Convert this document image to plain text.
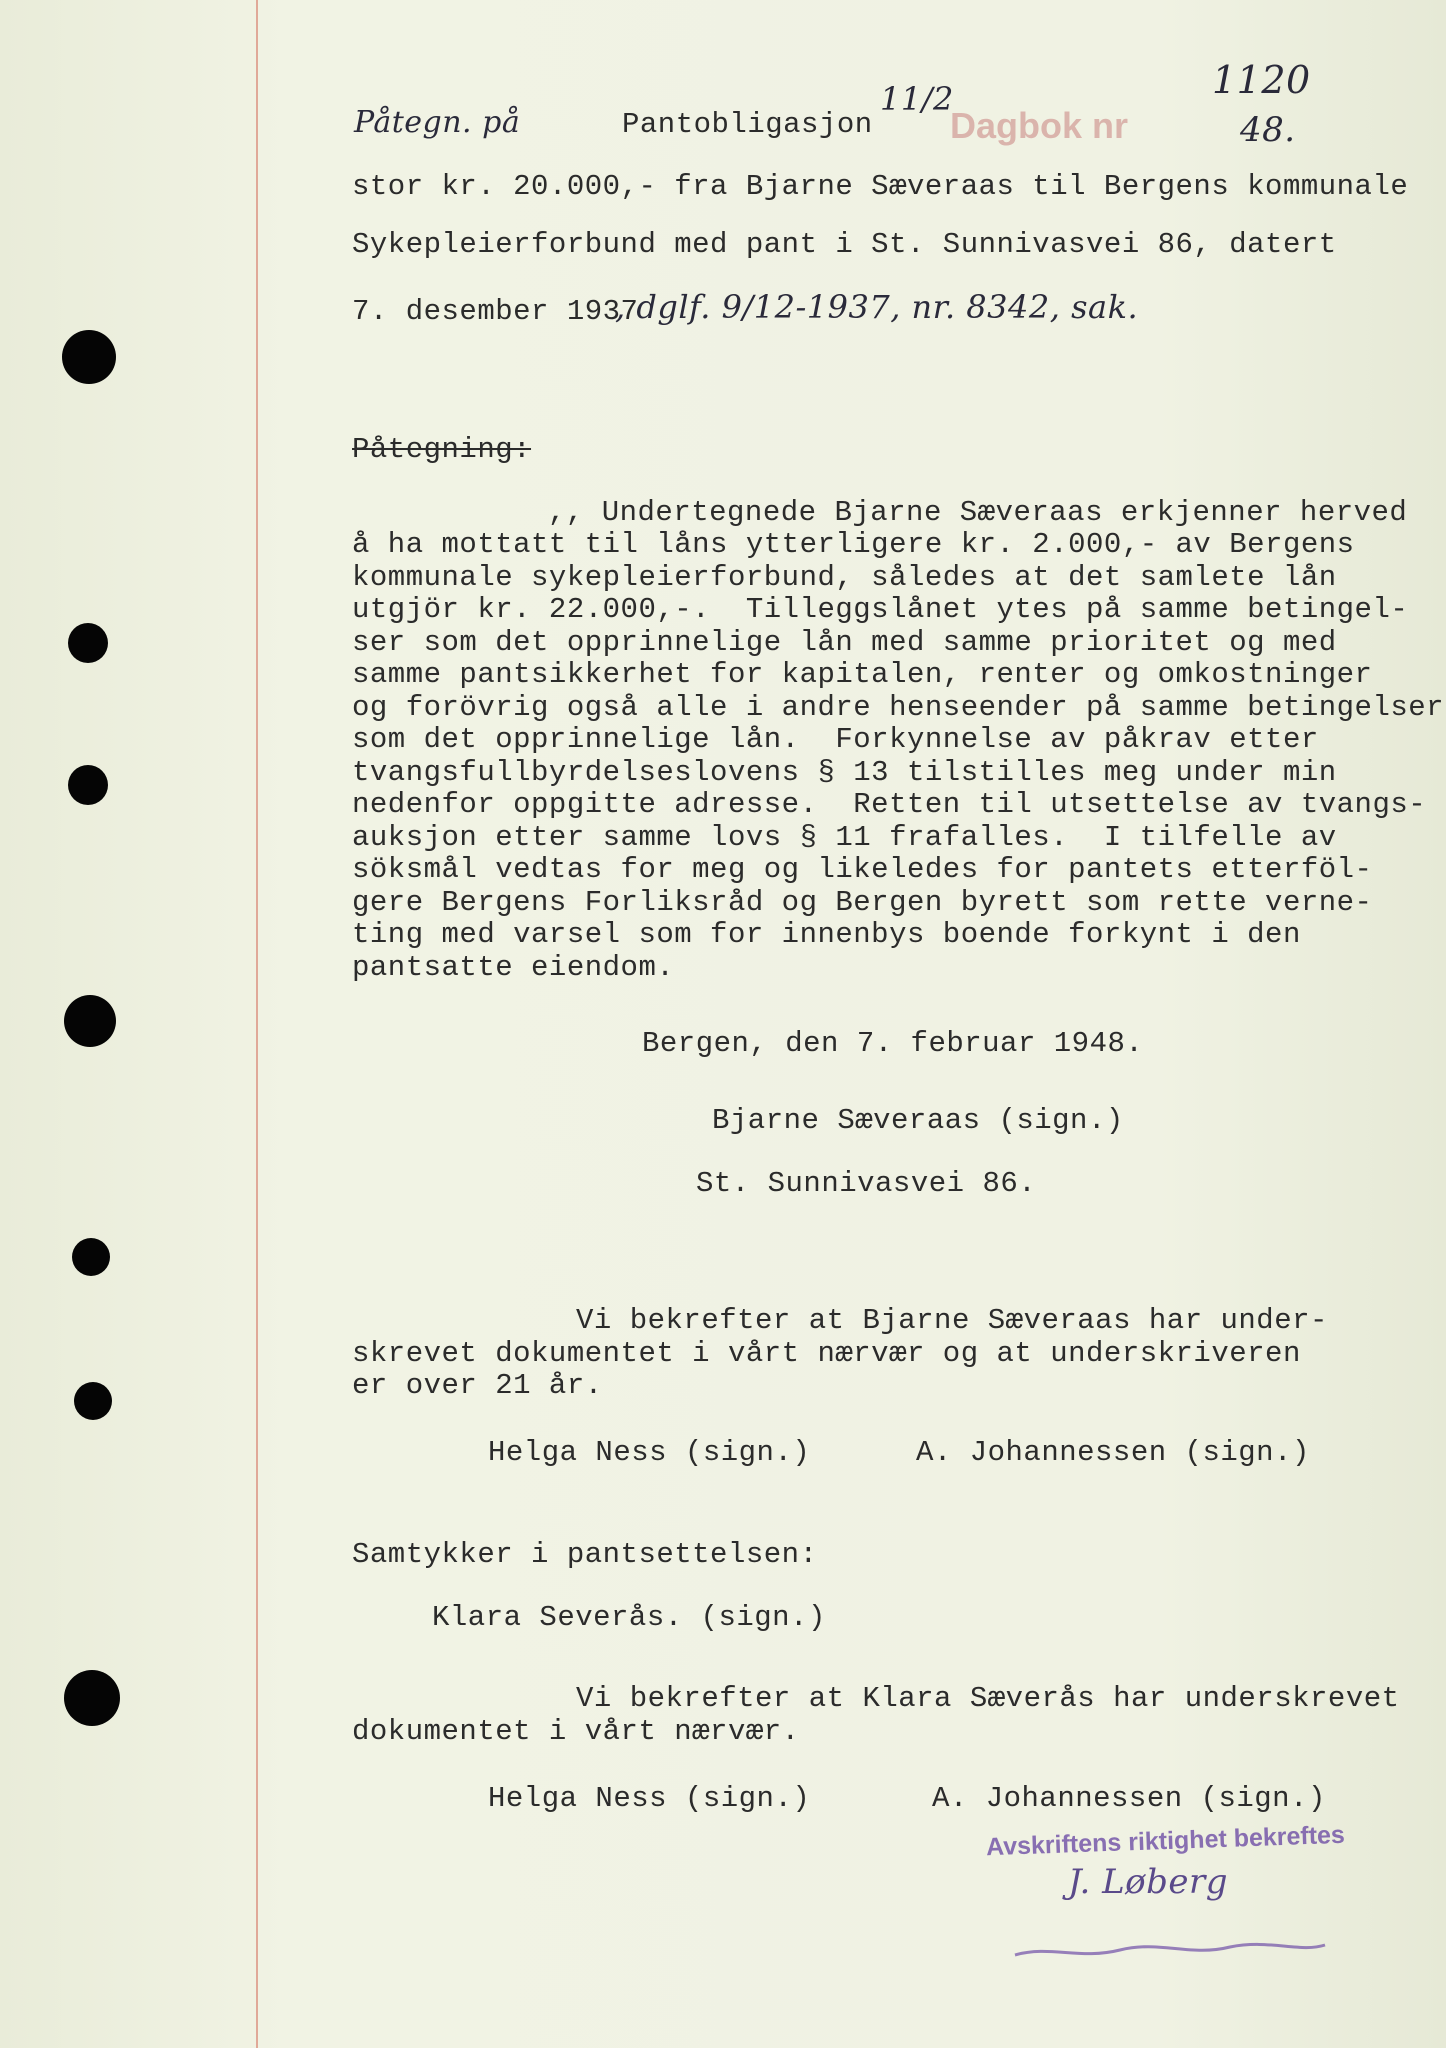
Påtegn. på	Pantobligasjon
11/2
Dagbok nr
1120
48.
stor kr. 20.000,- fra Bjarne Sæveraas til Bergens kommunale
Sykepleierforbund med pant i St. Sunnivasvei 86, datert
7. desember 1937
, dglf. 9/12-1937, nr. 8342, sak.
Påtegning:
,, Undertegnede Bjarne Sæveraas erkjenner herved
å ha mottatt til låns ytterligere kr. 2.000,- av Bergens
kommunale sykepleierforbund, således at det samlete lån
utgjör kr. 22.000,-.  Tilleggslånet ytes på samme betingel-
ser som det opprinnelige lån med samme prioritet og med
samme pantsikkerhet for kapitalen, renter og omkostninger
og forövrig også alle i andre henseender på samme betingelser
som det opprinnelige lån.  Forkynnelse av påkrav etter
tvangsfullbyrdelseslovens § 13 tilstilles meg under min
nedenfor oppgitte adresse.  Retten til utsettelse av tvangs-
auksjon etter samme lovs § 11 frafalles.  I tilfelle av
söksmål vedtas for meg og likeledes for pantets etterföl-
gere Bergens Forliksråd og Bergen byrett som rette verne-
ting med varsel som for innenbys boende forkynt i den
pantsatte eiendom.
Bergen, den 7. februar 1948.
Bjarne Sæveraas (sign.)
St. Sunnivasvei 86.
Vi bekrefter at Bjarne Sæveraas har under-
skrevet dokumentet i vårt nærvær og at underskriveren
er over 21 år.
Helga Ness (sign.)	A. Johannessen (sign.)
Samtykker i pantsettelsen:
Klara Severås. (sign.)
Vi bekrefter at Klara Sæverås har underskrevet
dokumentet i vårt nærvær.
Helga Ness (sign.)	A. Johannessen (sign.)
Avskriftens riktighet bekreftes
J. Løberg
